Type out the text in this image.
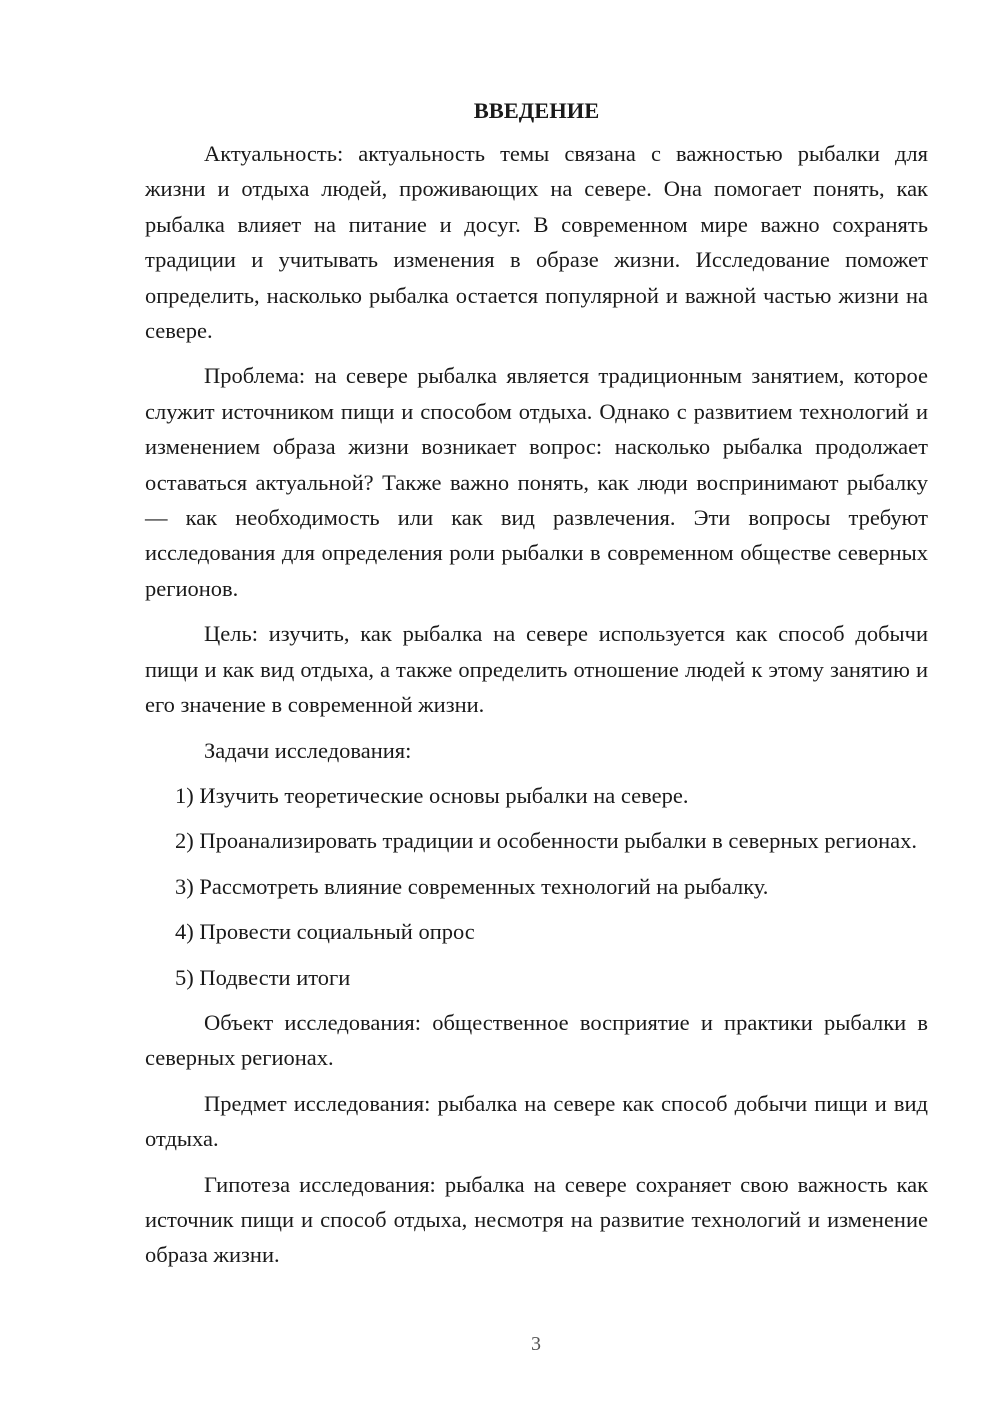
ВВЕДЕНИЕ

Актуальность: актуальность темы связана с важностью рыбалки для жизни и отдыха людей, проживающих на севере. Она помогает понять, как рыбалка влияет на питание и досуг. В современном мире важно сохранять традиции и учитывать изменения в образе жизни. Исследование поможет определить, насколько рыбалка остается популярной и важной частью жизни на севере.

Проблема: на севере рыбалка является традиционным занятием, которое служит источником пищи и способом отдыха. Однако с развитием технологий и изменением образа жизни возникает вопрос: насколько рыбалка продолжает оставаться актуальной? Также важно понять, как люди воспринимают рыбалку — как необходимость или как вид развлечения. Эти вопросы требуют исследования для определения роли рыбалки в современном обществе северных регионов.

Цель: изучить, как рыбалка на севере используется как способ добычи пищи и как вид отдыха, а также определить отношение людей к этому занятию и его значение в современной жизни.

Задачи исследования:

1) Изучить теоретические основы рыбалки на севере.

2) Проанализировать традиции и особенности рыбалки в северных регионах.

3) Рассмотреть влияние современных технологий на рыбалку.

4) Провести социальный опрос

5) Подвести итоги

Объект исследования: общественное восприятие и практики рыбалки в северных регионах.

Предмет исследования: рыбалка на севере как способ добычи пищи и вид отдыха.

Гипотеза исследования: рыбалка на севере сохраняет свою важность как источник пищи и способ отдыха, несмотря на развитие технологий и изменение образа жизни.

3
